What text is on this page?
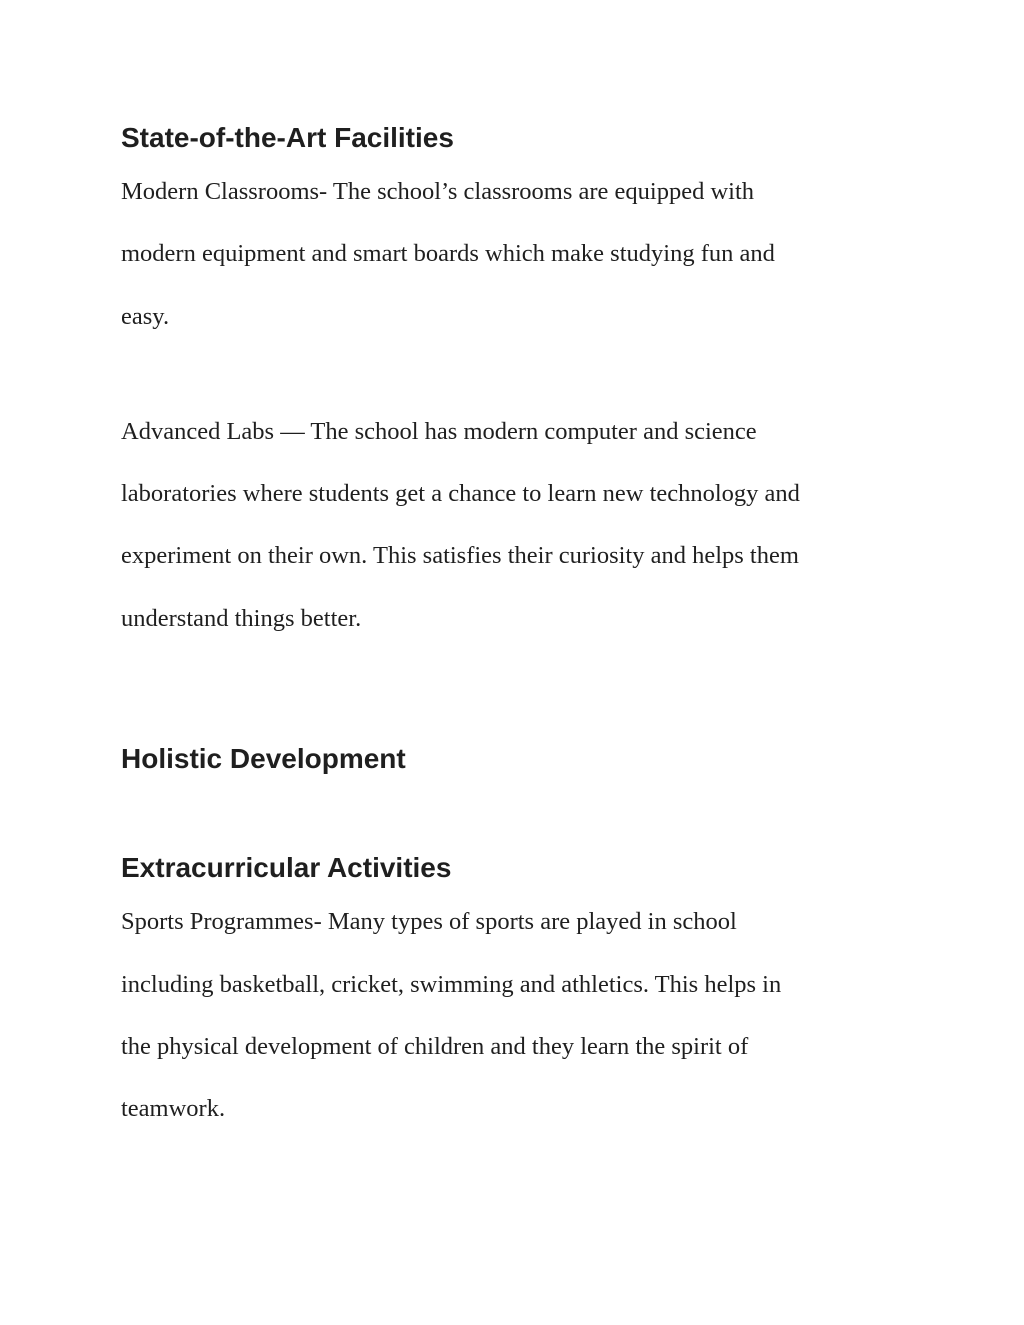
State-of-the-Art Facilities

Modern Classrooms- The school’s classrooms are equipped with

modern equipment and smart boards which make studying fun and

easy.

Advanced Labs — The school has modern computer and science

laboratories where students get a chance to learn new technology and

experiment on their own. This satisfies their curiosity and helps them

understand things better.

Holistic Development
Extracurricular Activities

Sports Programmes- Many types of sports are played in school

including basketball, cricket, swimming and athletics. This helps in

the physical development of children and they learn the spirit of

teamwork.
